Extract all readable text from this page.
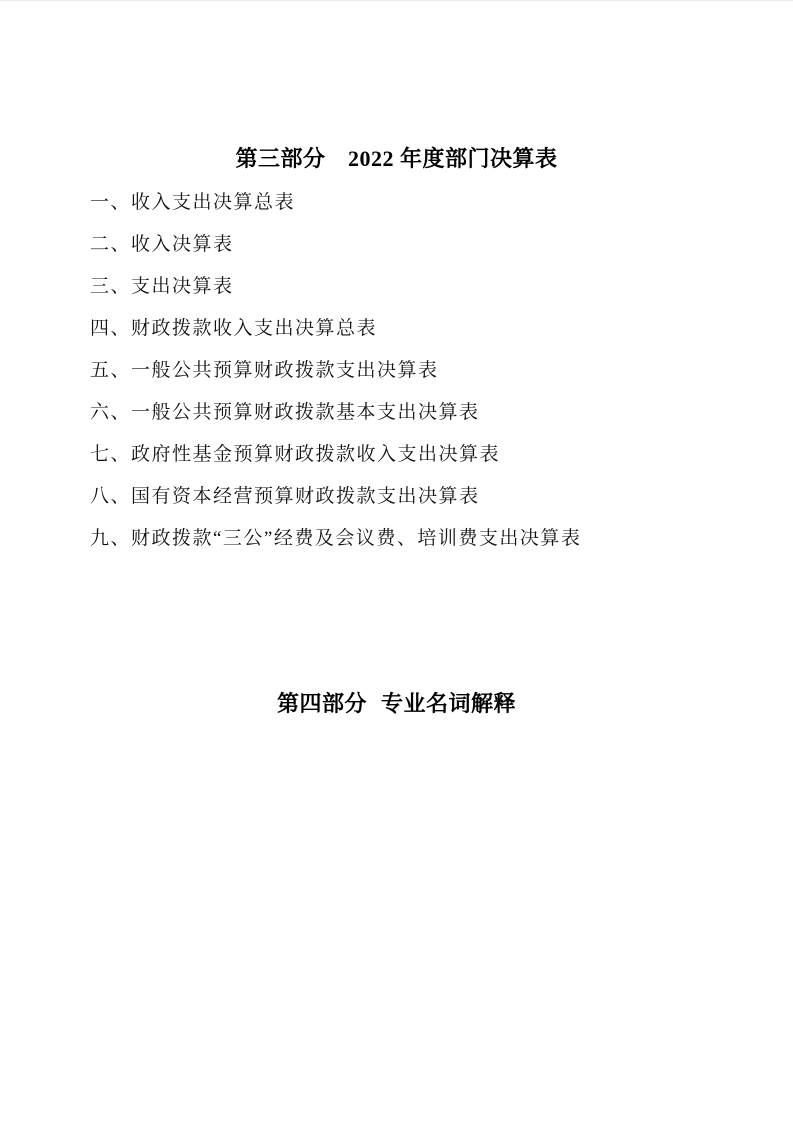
第三部分　2022 年度部门决算表
一、收入支出决算总表
二、收入决算表
三、支出决算表
四、财政拨款收入支出决算总表
五、一般公共预算财政拨款支出决算表
六、一般公共预算财政拨款基本支出决算表
七、政府性基金预算财政拨款收入支出决算表
八、国有资本经营预算财政拨款支出决算表
九、财政拨款“三公”经费及会议费、培训费支出决算表
第四部分 专业名词解释
